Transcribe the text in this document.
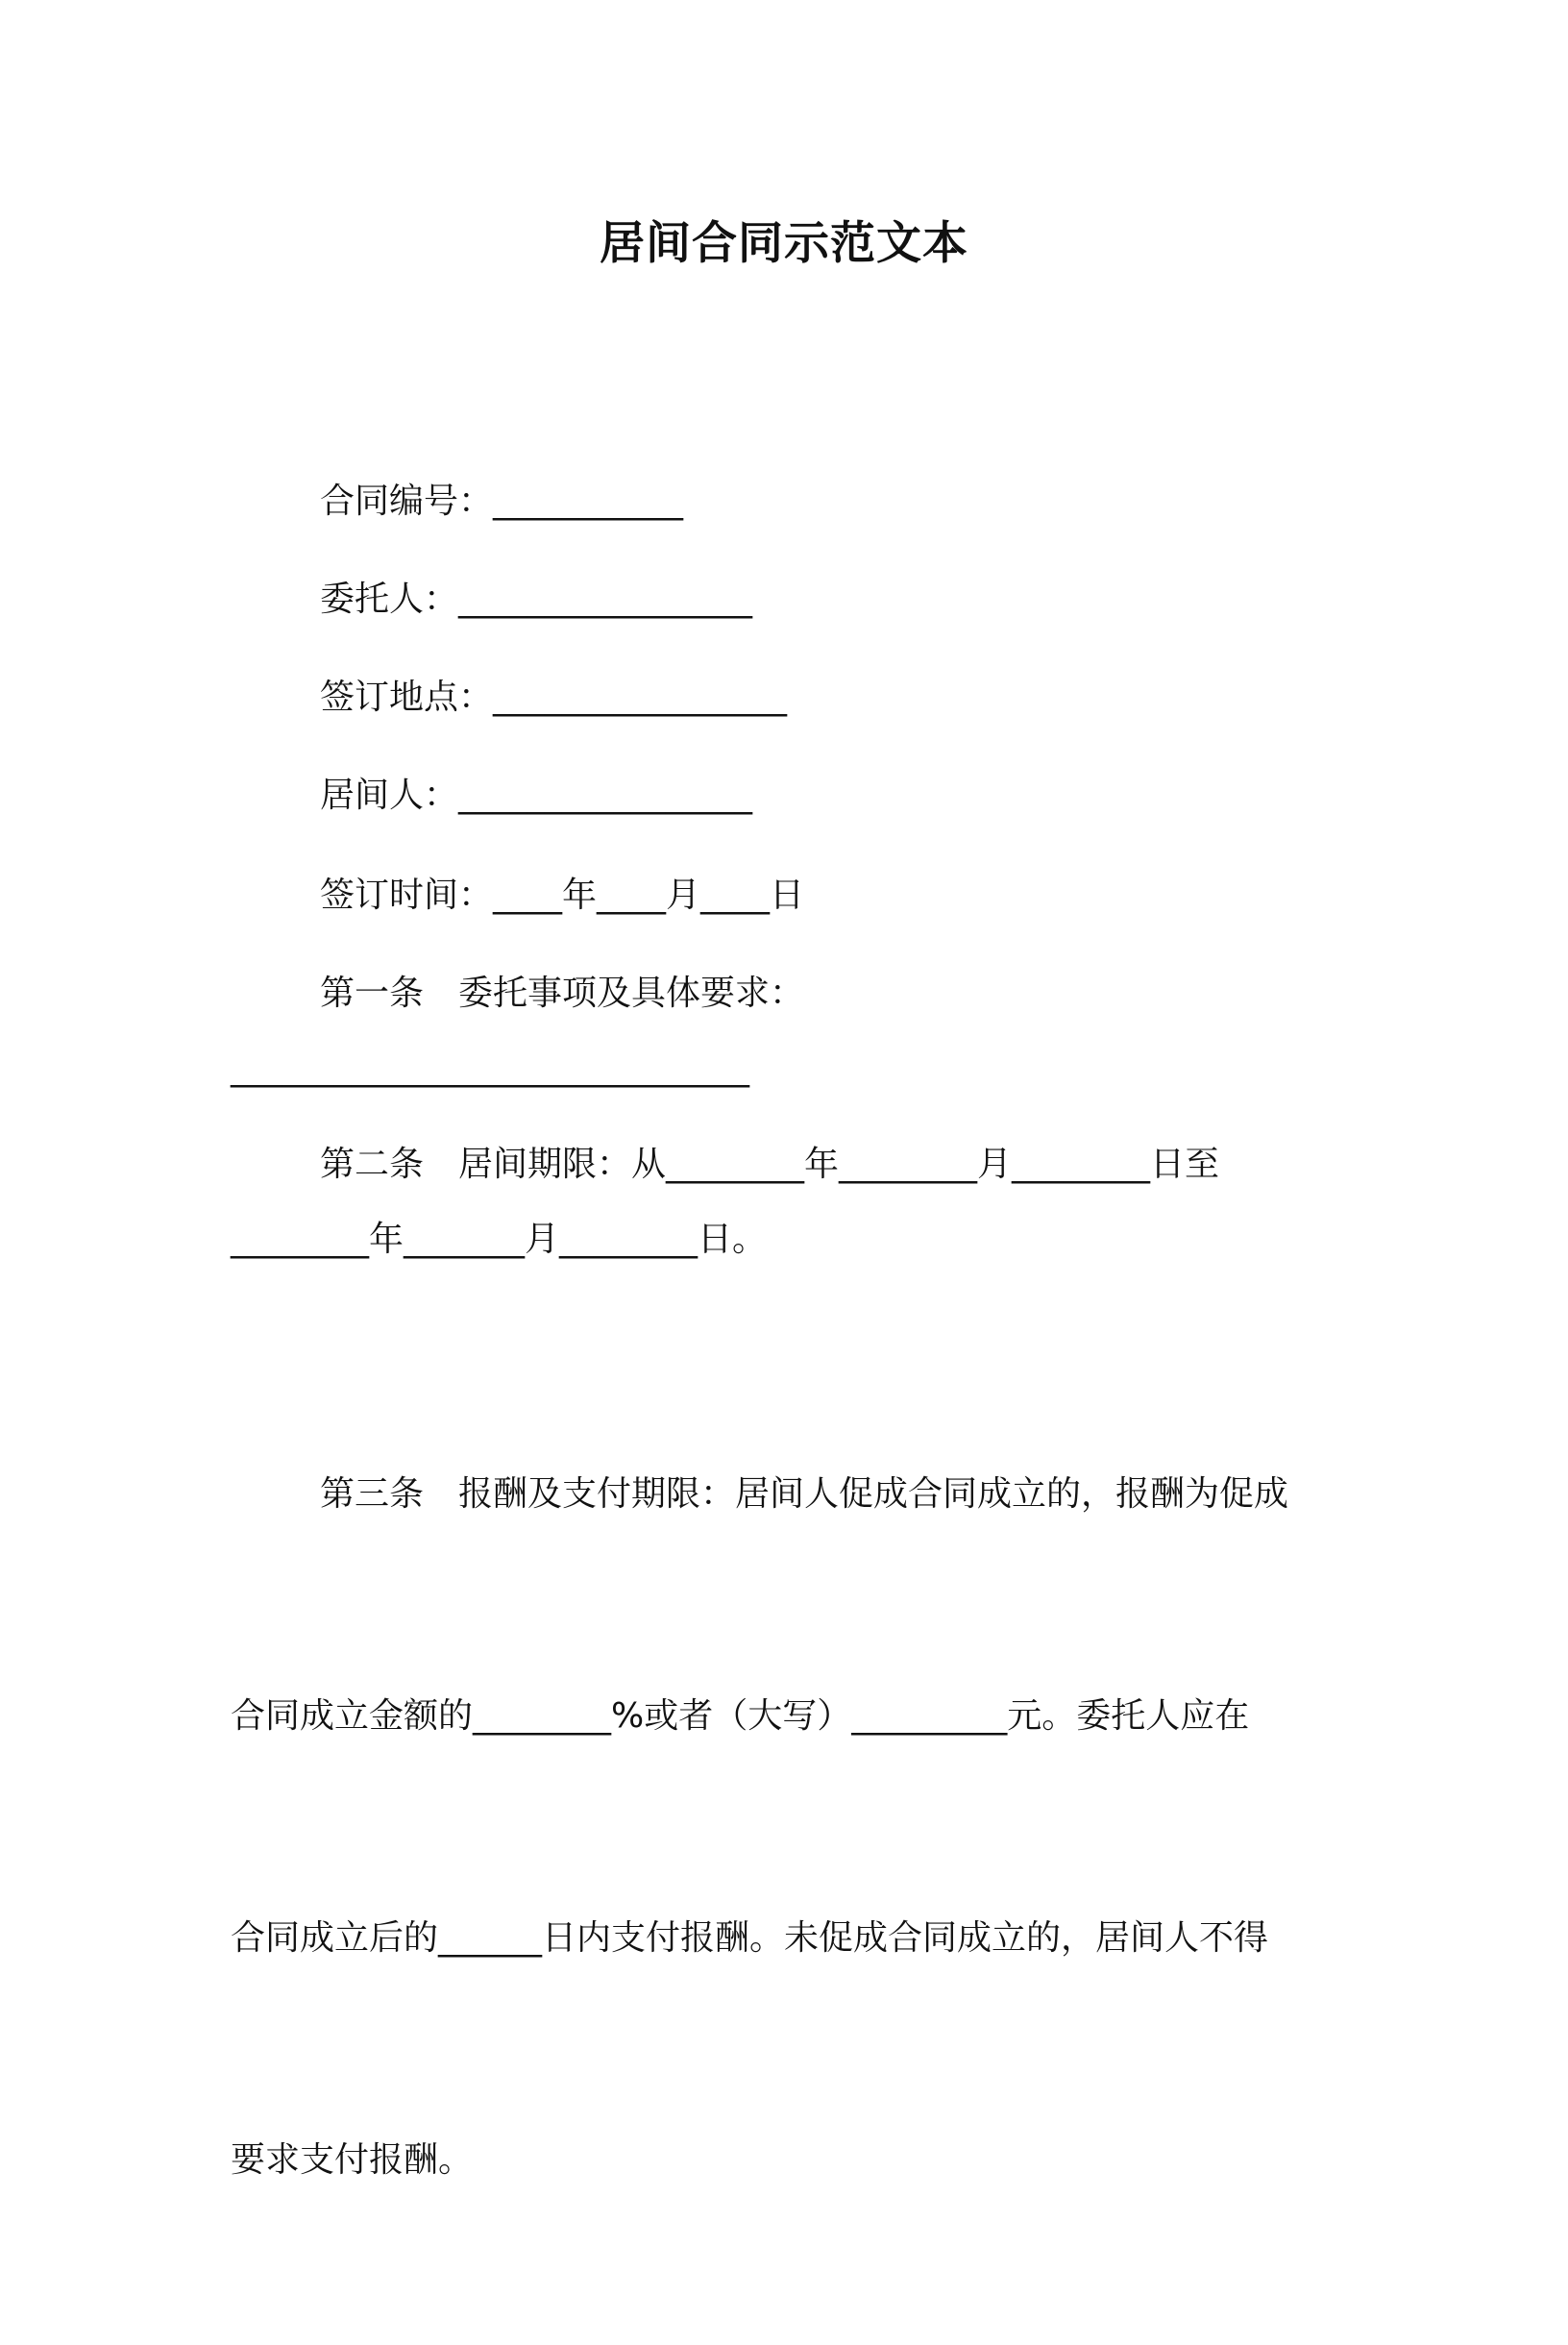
居间合同示范文本
合同编号：___________
委托人：_________________
签订地点：_________________
居间人：_________________
签订时间：____年____月____日
第一条　委托事项及具体要求：
______________________________
第二条　居间期限：从________年________月________日至
________年_______月________日。

第三条　报酬及支付期限：居间人促成合同成立的，报酬为促成

合同成立金额的________%或者（大写）_________元。委托人应在

合同成立后的______日内支付报酬。未促成合同成立的，居间人不得

要求支付报酬。
